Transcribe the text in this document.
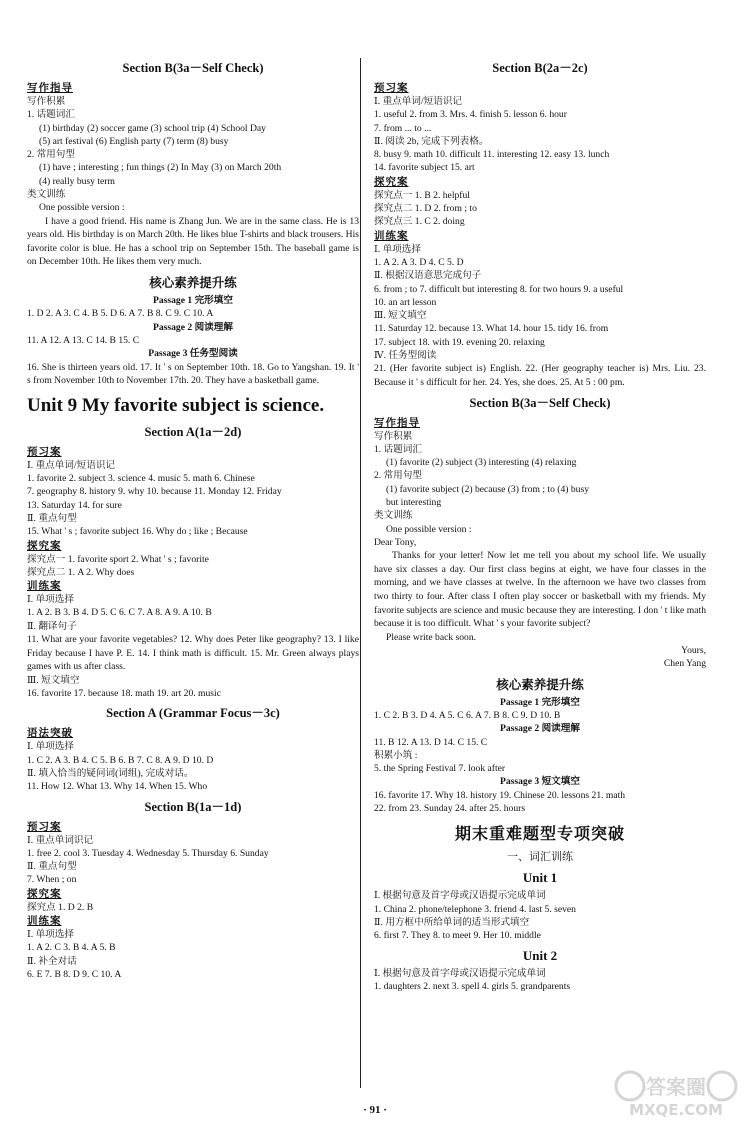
Section B(3a－Self Check)
写作指导
写作积累
1. 话题词汇
(1) birthday (2) soccer game (3) school trip (4) School Day
(5) art festival (6) English party (7) term (8) busy
2. 常用句型
(1) have ; interesting ; fun things (2) In May (3) on March 20th
(4) really busy term
类文训练
One possible version :
I have a good friend. His name is Zhang Jun. We are in the same class. He is 13 years old. His birthday is on March 20th. He likes blue T-shirts and black trousers. His favorite color is blue. He has a school trip on September 15th. The baseball game is on December 10th. He likes them very much.
核心素养提升练
Passage 1 完形填空
1. D 2. A 3. C 4. B 5. D 6. A 7. B 8. C 9. C 10. A
Passage 2 阅读理解
11. A 12. A 13. C 14. B 15. C
Passage 3 任务型阅读
16. She is thirteen years old. 17. It ' s on September 10th. 18. Go to Yangshan. 19. It ' s from November 10th to November 17th. 20. They have a basketball game.
Unit 9 My favorite subject is science.
Section A(1a－2d)
预习案
Ⅰ. 重点单词/短语识记
1. favorite 2. subject 3. science 4. music 5. math 6. Chinese
7. geography 8. history 9. why 10. because 11. Monday 12. Friday
13. Saturday 14. for sure
Ⅱ. 重点句型
15. What ' s ; favorite subject 16. Why do ; like ; Because
探究案
探究点一 1. favorite sport 2. What ' s ; favorite
探究点二 1. A 2. Why does
训练案
Ⅰ. 单项选择
1. A 2. B 3. B 4. D 5. C 6. C 7. A 8. A 9. A 10. B
Ⅱ. 翻译句子
11. What are your favorite vegetables? 12. Why does Peter like geography? 13. I like Friday because I have P. E. 14. I think math is difficult. 15. Mr. Green always plays games with us after class.
Ⅲ. 短文填空
16. favorite 17. because 18. math 19. art 20. music
Section A (Grammar Focus－3c)
语法突破
Ⅰ. 单项选择
1. C 2. A 3. B 4. C 5. B 6. B 7. C 8. A 9. D 10. D
Ⅱ. 填入恰当的疑问词(词组), 完成对话。
11. How 12. What 13. Why 14. When 15. Who
Section B(1a－1d)
预习案
Ⅰ. 重点单词识记
1. free 2. cool 3. Tuesday 4. Wednesday 5. Thursday 6. Sunday
Ⅱ. 重点句型
7. When ; on
探究案
探究点 1. D 2. B
训练案
Ⅰ. 单项选择
1. A 2. C 3. B 4. A 5. B
Ⅱ. 补全对话
6. E 7. B 8. D 9. C 10. A
Section B(2a－2c)
预习案
Ⅰ. 重点单词/短语识记
1. useful 2. from 3. Mrs. 4. finish 5. lesson 6. hour
7. from ... to ...
Ⅱ. 阅读 2b, 完成下列表格。
8. busy 9. math 10. difficult 11. interesting 12. easy 13. lunch
14. favorite subject 15. art
探究案
探究点一 1. B 2. helpful
探究点二 1. D 2. from ; to
探究点三 1. C 2. doing
训练案
Ⅰ. 单项选择
1. A 2. A 3. D 4. C 5. D
Ⅱ. 根据汉语意思完成句子
6. from ; to 7. difficult but interesting 8. for two hours 9. a useful
10. an art lesson
Ⅲ. 短文填空
11. Saturday 12. because 13. What 14. hour 15. tidy 16. from
17. subject 18. with 19. evening 20. relaxing
Ⅳ. 任务型阅读
21. (Her favorite subject is) English. 22. (Her geography teacher is) Mrs. Liu. 23. Because it ' s difficult for her. 24. Yes, she does. 25. At 5 : 00 pm.
Section B(3a－Self Check)
写作指导
写作积累
1. 话题词汇
(1) favorite (2) subject (3) interesting (4) relaxing
2. 常用句型
(1) favorite subject (2) because (3) from ; to (4) busy
but interesting
类文训练
One possible version :
Dear Tony,
Thanks for your letter! Now let me tell you about my school life. We usually have six classes a day. Our first class begins at eight, we have four classes in the morning, and we have classes at twelve. In the afternoon we have two classes from two thirty to four. After class I often play soccer or basketball with my friends. My favorite subjects are science and music because they are interesting. I don ' t like math because it is too difficult. What ' s your favorite subject?
Please write back soon.
Yours,
Chen Yang
核心素养提升练
Passage 1 完形填空
1. C 2. B 3. D 4. A 5. C 6. A 7. B 8. C 9. D 10. B
Passage 2 阅读理解
11. B 12. A 13. D 14. C 15. C
积累小筑 :
5. the Spring Festival 7. look after
Passage 3 短文填空
16. favorite 17. Why 18. history 19. Chinese 20. lessons 21. math
22. from 23. Sunday 24. after 25. hours
期末重难题型专项突破
一、词汇训练
Unit 1
Ⅰ. 根据句意及首字母或汉语提示完成单词
1. China 2. phone/telephone 3. friend 4. last 5. seven
Ⅱ. 用方框中所给单词的适当形式填空
6. first 7. They 8. to meet 9. Her 10. middle
Unit 2
Ⅰ. 根据句意及首字母或汉语提示完成单词
1. daughters 2. next 3. spell 4. girls 5. grandparents
· 91 ·
答案圈
MXQE.COM
